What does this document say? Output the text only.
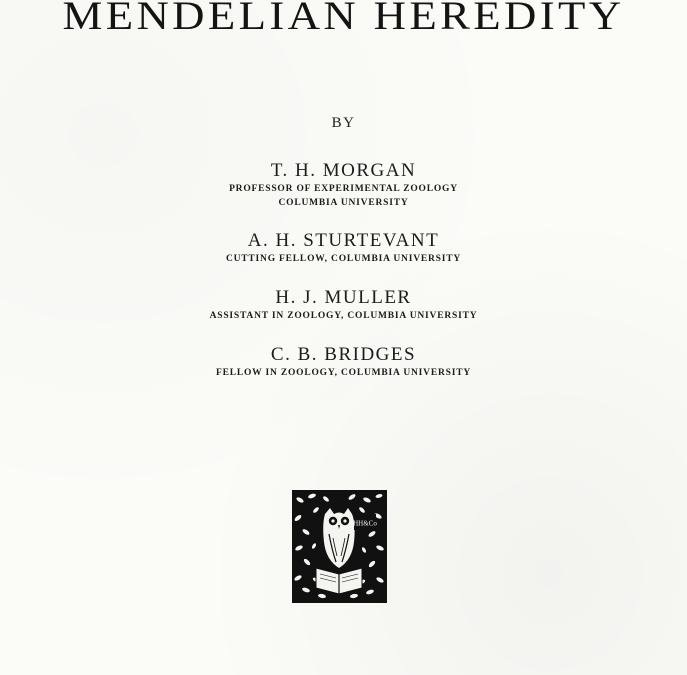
MENDELIAN HEREDITY
BY
T. H. MORGAN
PROFESSOR OF EXPERIMENTAL ZOOLOGY
COLUMBIA UNIVERSITY
A. H. STURTEVANT
CUTTING FELLOW, COLUMBIA UNIVERSITY
H. J. MULLER
ASSISTANT IN ZOOLOGY, COLUMBIA UNIVERSITY
C. B. BRIDGES
FELLOW IN ZOOLOGY, COLUMBIA UNIVERSITY
HH&Co
